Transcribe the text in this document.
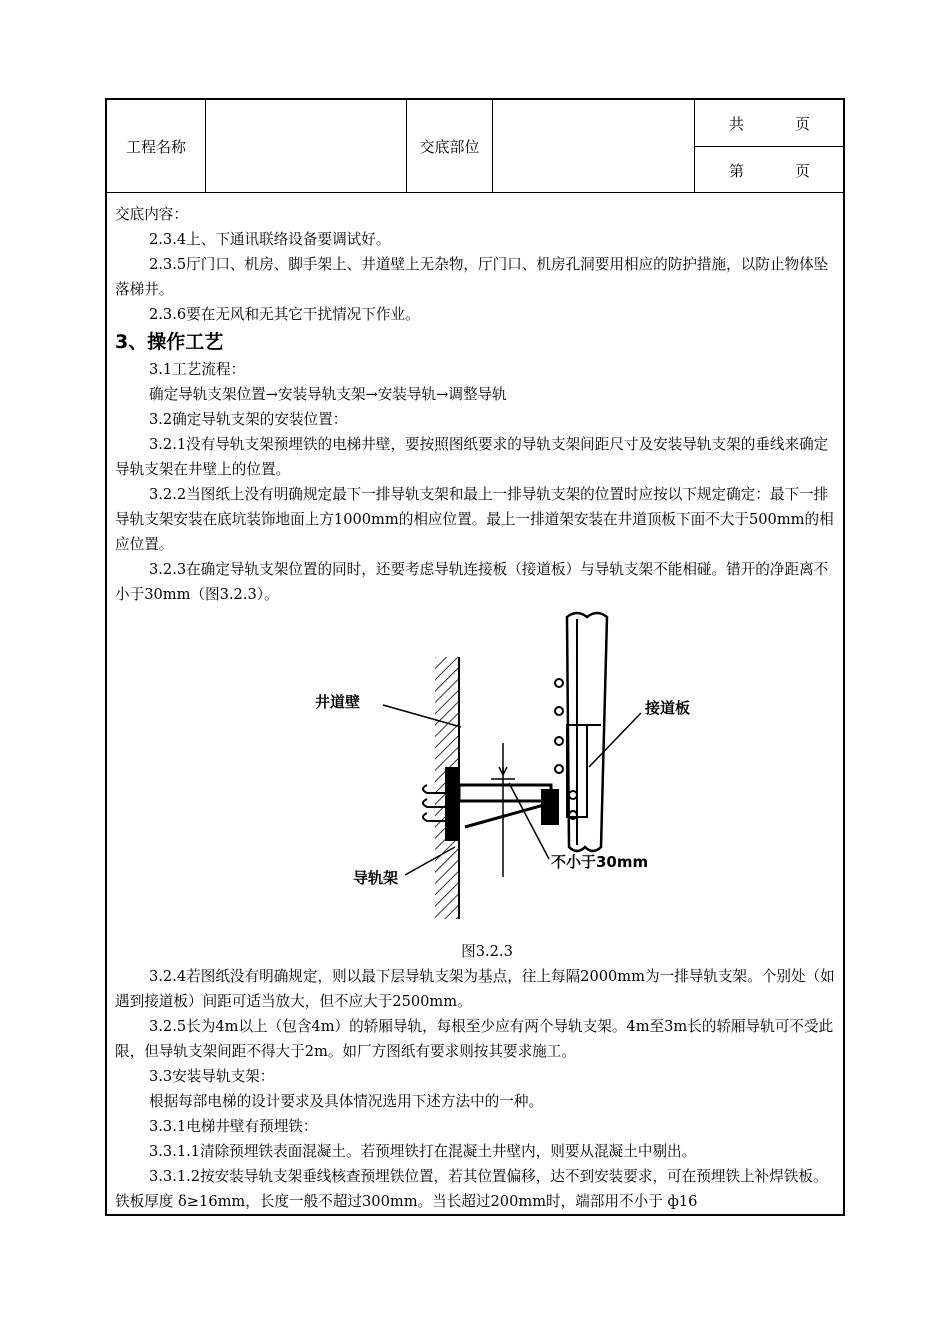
工程名称	交底部位
共	页
第	页

交底内容：

2.3.4上、下通讯联络设备要调试好。

2.3.5厅门口、机房、脚手架上、井道壁上无杂物，厅门口、机房孔洞要用相应的防护措施，以防止物体坠落梯井。

2.3.6要在无风和无其它干扰情况下作业。

3、操作工艺

3.1工艺流程：

确定导轨支架位置→安装导轨支架→安装导轨→调整导轨

3.2确定导轨支架的安装位置：

3.2.1没有导轨支架预埋铁的电梯井壁，要按照图纸要求的导轨支架间距尺寸及安装导轨支架的垂线来确定导轨支架在井壁上的位置。

3.2.2当图纸上没有明确规定最下一排导轨支架和最上一排导轨支架的位置时应按以下规定确定：最下一排导轨支架安装在底坑装饰地面上方1000mm的相应位置。最上一排道架安装在井道顶板下面不大于500mm的相应位置。

3.2.3在确定导轨支架位置的同时，还要考虑导轨连接板（接道板）与导轨支架不能相碰。错开的净距离不小于30mm（图3.2.3）。

井道壁	接道板
导轨架
不小于30mm

图3.2.3

3.2.4若图纸没有明确规定，则以最下层导轨支架为基点，往上每隔2000mm为一排导轨支架。个别处（如遇到接道板）间距可适当放大，但不应大于2500mm。

3.2.5长为4m以上（包含4m）的轿厢导轨，每根至少应有两个导轨支架。4m至3m长的轿厢导轨可不受此限，但导轨支架间距不得大于2m。如厂方图纸有要求则按其要求施工。

3.3安装导轨支架：

根据每部电梯的设计要求及具体情况选用下述方法中的一种。

3.3.1电梯井壁有预埋铁：

3.3.1.1清除预埋铁表面混凝土。若预埋铁打在混凝土井壁内，则要从混凝土中剔出。

3.3.1.2按安装导轨支架垂线核查预埋铁位置，若其位置偏移，达不到安装要求，可在预埋铁上补焊铁板。铁板厚度 δ≥16mm，长度一般不超过300mm。当长超过200mm时，端部用不小于 ф16
